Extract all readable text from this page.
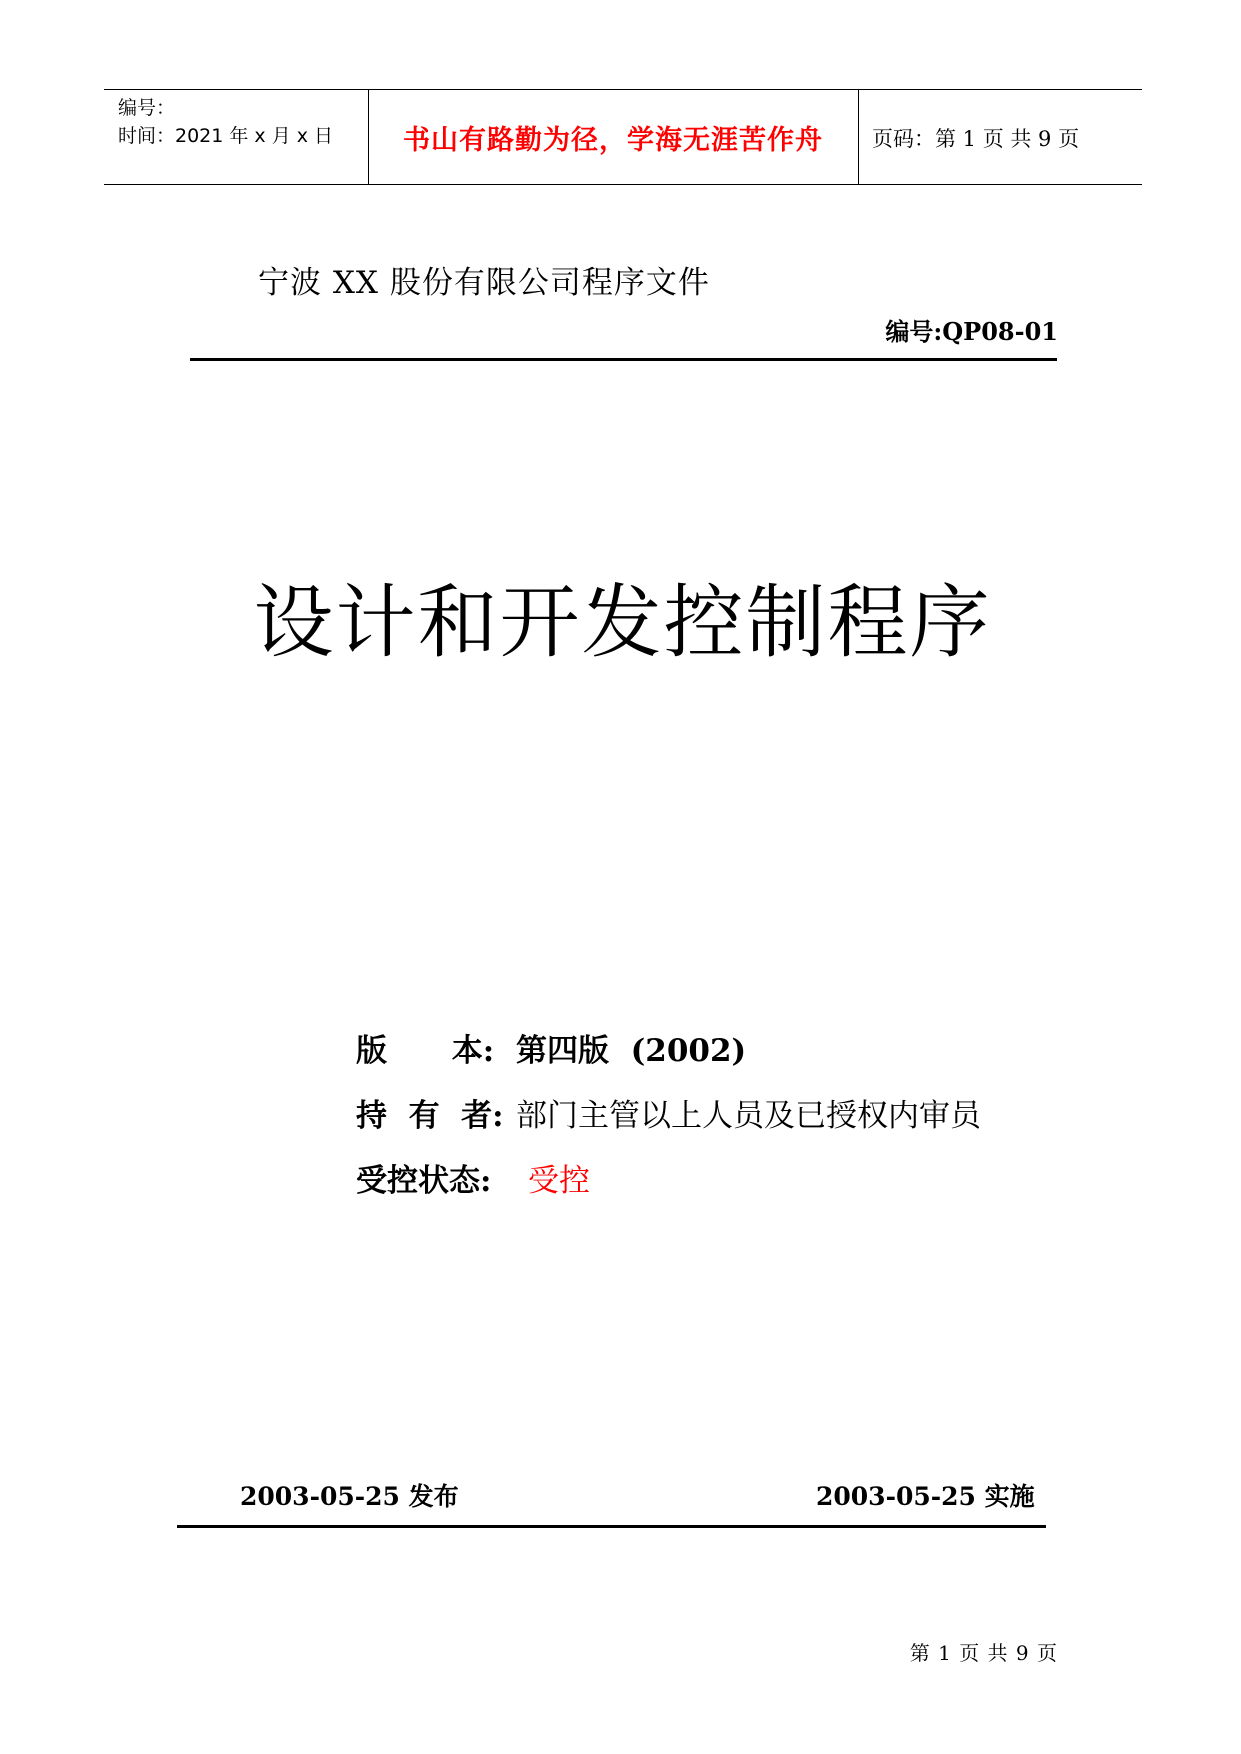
编号：
时间：2021 年 x 月 x 日	书山有路勤为径，学海无涯苦作舟	页码：第 1 页 共 9 页
宁波 XX 股份有限公司程序文件
编号:QP08-01
设计和开发控制程序
版      本: 第四版  (2002)
持  有  者: 部门主管以上人员及已授权内审员
受控状态: 受控
2003-05-25 发布	2003-05-25 实施
第 1 页 共 9 页
